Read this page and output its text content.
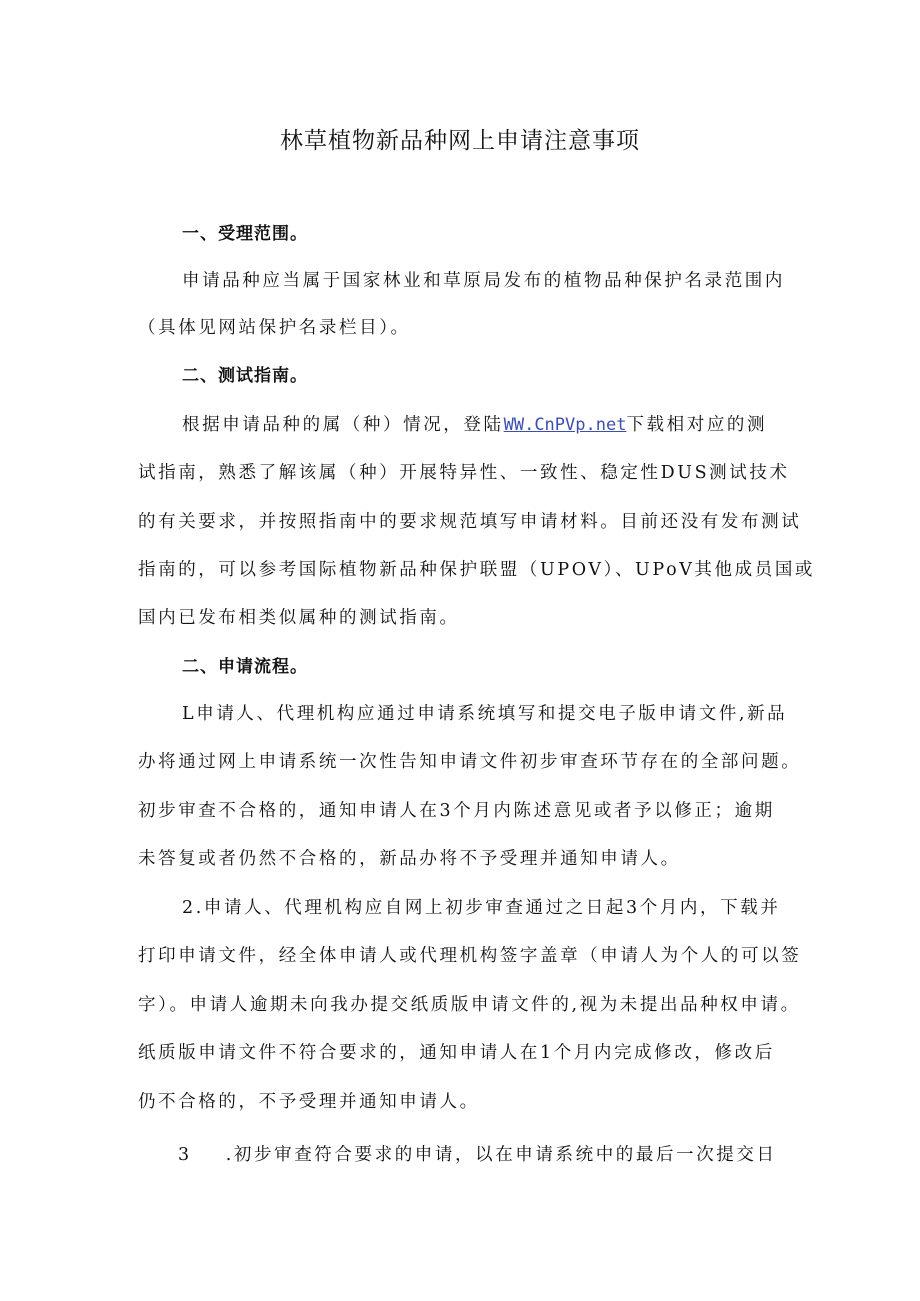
林草植物新品种网上申请注意事项
一、受理范围。
申请品种应当属于国家林业和草原局发布的植物品种保护名录范围内
（具体见网站保护名录栏目）。
二、测试指南。
根据申请品种的属（种）情况，登陆WW.CnPVp.net下载相对应的测
试指南，熟悉了解该属（种）开展特异性、一致性、稳定性DUS测试技术
的有关要求，并按照指南中的要求规范填写申请材料。目前还没有发布测试
指南的，可以参考国际植物新品种保护联盟（UPOV）、UPoV其他成员国或
国内已发布相类似属种的测试指南。
二、申请流程。
L申请人、代理机构应通过申请系统填写和提交电子版申请文件,新品
办将通过网上申请系统一次性告知申请文件初步审查环节存在的全部问题。
初步审查不合格的，通知申请人在3个月内陈述意见或者予以修正；逾期
未答复或者仍然不合格的，新品办将不予受理并通知申请人。
2.申请人、代理机构应自网上初步审查通过之日起3个月内，下载并
打印申请文件，经全体申请人或代理机构签字盖章（申请人为个人的可以签
字）。申请人逾期未向我办提交纸质版申请文件的,视为未提出品种权申请。
纸质版申请文件不符合要求的，通知申请人在1个月内完成修改，修改后
仍不合格的，不予受理并通知申请人。
3 .初步审查符合要求的申请，以在申请系统中的最后一次提交日
